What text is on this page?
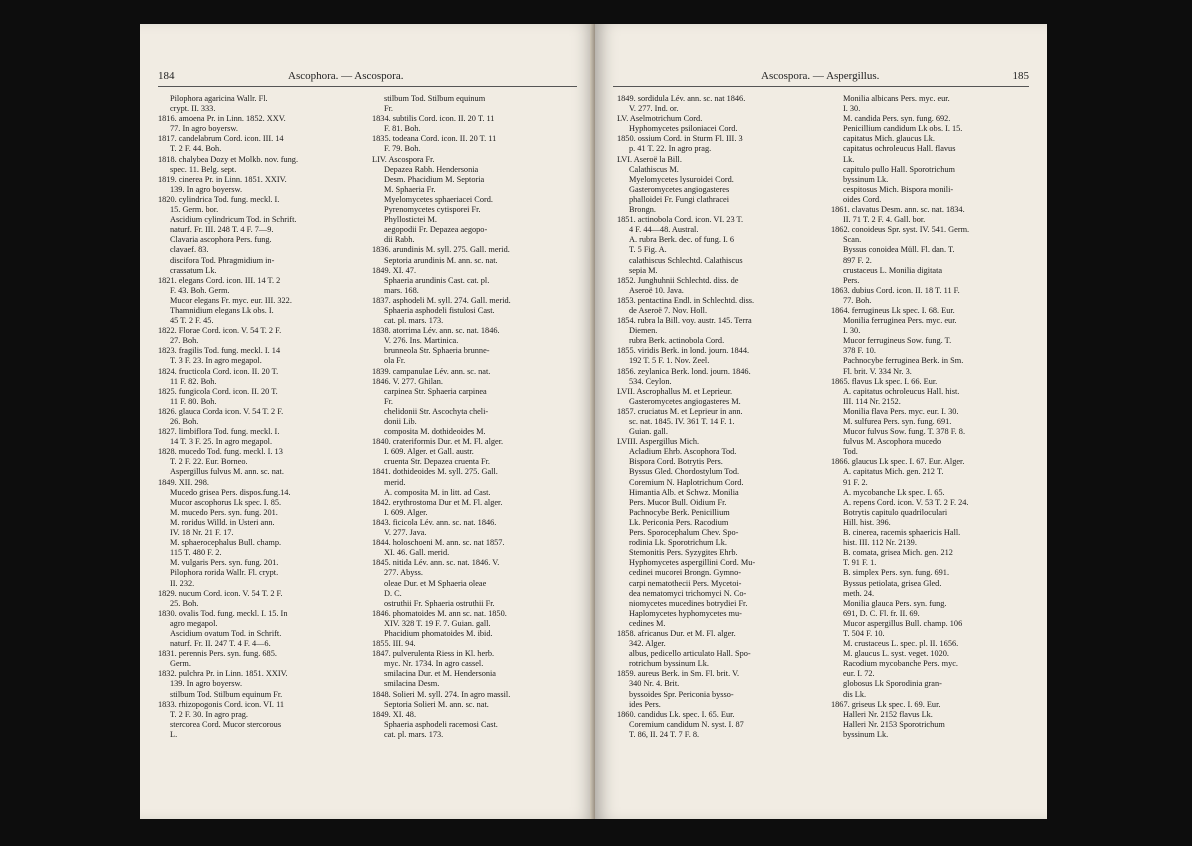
184	Ascophora. — Ascospora.
Pilophora agaricina Wallr. Fl.
crypt. II. 333.
1816. amoena Pr. in Linn. 1852. XXV.
77. In agro boyersw.
1817. candelabrum Cord. icon. III. 14
T. 2 F. 44. Boh.
1818. chalybea Dozy et Molkb. nov. fung.
spec. 11. Belg. sept.
1819. cinerea Pr. in Linn. 1851. XXIV.
139. In agro boyersw.
1820. cylindrica Tod. fung. meckl. I.
15. Germ. bor.
Ascidium cylindricum Tod. in Schrift.
naturf. Fr. III. 248 T. 4 F. 7—9.
Clavaria ascophora Pers. fung.
clavaef. 83.
discifora Tod. Phragmidium in-
crassatum Lk.
1821. elegans Cord. icon. III. 14 T. 2
F. 43. Boh. Germ.
Mucor elegans Fr. myc. eur. III. 322.
Thamnidium elegans Lk obs. I.
45 T. 2 F. 45.
1822. Florae Cord. icon. V. 54 T. 2 F.
27. Boh.
1823. fragilis Tod. fung. meckl. I. 14
T. 3 F. 23. In agro megapol.
1824. fructicola Cord. icon. II. 20 T.
11 F. 82. Boh.
1825. fungicola Cord. icon. II. 20 T.
11 F. 80. Boh.
1826. glauca Corda icon. V. 54 T. 2 F.
26. Boh.
1827. limbiflora Tod. fung. meckl. I.
14 T. 3 F. 25. In agro megapol.
1828. mucedo Tod. fung. meckl. I. 13
T. 2 F. 22. Eur. Borneo.
Aspergillus fulvus M. ann. sc. nat.
1849. XII. 298.
Mucedo grisea Pers. dispos.fung.14.
Mucor ascophorus Lk spec. I. 85.
M. mucedo Pers. syn. fung. 201.
M. roridus Willd. in Usteri ann.
IV. 18 Nr. 21 F. 17.
M. sphaerocephalus Bull. champ.
115 T. 480 F. 2.
M. vulgaris Pers. syn. fung. 201.
Pilophora rorida Wallr. Fl. crypt.
II. 232.
1829. nucum Cord. icon. V. 54 T. 2 F.
25. Boh.
1830. ovalis Tod. fung. meckl. I. 15. In
agro megapol.
Ascidium ovatum Tod. in Schrift.
naturf. Fr. II. 247 T. 4 F. 4—6.
1831. perennis Pers. syn. fung. 685.
Germ.
1832. pulchra Pr. in Linn. 1851. XXIV.
139. In agro boyersw.
stilbum Tod. Stilbum equinum Fr.
1833. rhizopogonis Cord. icon. VI. 11
T. 2 F. 30. In agro prag.
stercorea Cord. Mucor stercorous
L.
stilbum Tod. Stilbum equinum
Fr.
1834. subtilis Cord. icon. II. 20 T. 11
F. 81. Boh.
1835. todeana Cord. icon. II. 20 T. 11
F. 79. Boh.
LIV. Ascospora Fr.
Depazea Rabh. Hendersonia
Desm. Phacidium M. Septoria
M. Sphaeria Fr.
Myelomycetes sphaeriacei Cord.
Pyrenomycetes cytisporei Fr.
Phyllosticteі M.
aegopodii Fr. Depazea aegopo-
dii Rabh.
1836. arundinis M. syll. 275. Gall. merid.
Septoria arundinis M. ann. sc. nat.
1849. XI. 47.
Sphaeria arundinis Cast. cat. pl.
mars. 168.
1837. asphodeli M. syll. 274. Gall. merid.
Sphaeria asphodeli fistulosi Cast.
cat. pl. mars. 173.
1838. atorrima Lév. ann. sc. nat. 1846.
V. 276. Ins. Martinica.
brunneola Str. Sphaeria brunne-
ola Fr.
1839. campanulae Lév. ann. sc. nat.
1846. V. 277. Ghilan.
carpinea Str. Sphaeria carpinea
Fr.
chelidonii Str. Ascochyta cheli-
donii Lib.
composita M. dothideoides M.
1840. crateriformis Dur. et M. Fl. alger.
I. 609. Alger. et Gall. austr.
cruenta Str. Depazea cruenta Fr.
1841. dothideoides M. syll. 275. Gall.
merid.
A. composita M. in litt. ad Cast.
1842. erythrostoma Dur et M. Fl. alger.
I. 609. Alger.
1843. ficicola Lév. ann. sc. nat. 1846.
V. 277. Java.
1844. holoschoeni M. ann. sc. nat 1857.
XI. 46. Gall. merid.
1845. nitida Lév. ann. sc. nat. 1846. V.
277. Abyss.
oleae Dur. et M Sphaeria oleae
D. C.
ostruthii Fr. Sphaeria ostruthii Fr.
1846. phomatoides M. ann sc. nat. 1850.
XIV. 328 T. 19 F. 7. Guian. gall.
Phacidium phomatoides M. ibid.
1855. III. 94.
1847. pulverulenta Riess in Kl. herb.
myc. Nr. 1734. In agro cassel.
smilacina Dur. et M. Hendersonia
smilacina Desm.
1848. Solieri M. syll. 274. In agro massil.
Septoria Solieri M. ann. sc. nat.
1849. XI. 48.
Sphaeria asphodeli racemosi Cast.
cat. pl. mars. 173.
Ascospora. — Aspergillus.	185
1849. sordidula Lév. ann. sc. nat 1846.
V. 277. Ind. or.
LV. Aselmotrichum Cord.
Hyphomycetes psiloniacei Cord.
1850. ossium Cord. in Sturm Fl. III. 3
p. 41 T. 22. In agro prag.
LVI. Aseroë la Bill.
Calathiscus M.
Myelomycetes lysuroidei Cord.
Gasteromycetes angiogasteres
phalloidei Fr. Fungi clathracei
Brongn.
1851. actinobola Cord. icon. VI. 23 T.
4 F. 44—48. Austral.
A. rubra Berk. dec. of fung. I. 6
T. 5 Fig. A.
calathiscus Schlechtd. Calathiscus
sepia M.
1852. Junghuhnii Schlechtd. diss. de
Aseroë 10. Java.
1853. pentactina Endl. in Schlechtd. diss.
de Aseroë 7. Nov. Holl.
1854. rubra la Bill. voy. austr. 145. Terra
Diemen.
rubra Berk. actinobola Cord.
1855. viridis Berk. in lond. journ. 1844.
192 T. 5 F. 1. Nov. Zeel.
1856. zeylanica Berk. lond. journ. 1846.
534. Ceylon.
LVII. Ascrophallus M. et Leprieur.
Gasteromycetes angiogasteres M.
1857. cruciatus M. et Leprieur in ann.
sc. nat. 1845. IV. 361 T. 14 F. 1.
Guian. gall.
LVIII. Aspergillus Mich.
Acladium Ehrb. Ascophora Tod.
Bispora Cord. Botrytis Pers.
Byssus Gled. Chordostylum Tod.
Coremium N. Haplotrichum Cord.
Himantia Alb. et Schwz. Monilia
Pers. Mucor Bull. Oidium Fr.
Pachnocybe Berk. Penicillium
Lk. Periconia Pers. Racodium
Pers. Sporocephalum Chev. Spo-
rodinia Lk. Sporotrichum Lk.
Stemonitis Pers. Syzygites Ehrb.
Hyphomycetes aspergillini Cord. Mu-
cedinei mucorei Brongn. Gymno-
carpi nematothecii Pers. Mycetoi-
dea nematomyci trichomyci N. Co-
niomycetes mucedines botrydiei Fr.
Haplomycetes hyphomycetes mu-
cedines M.
1858. africanus Dur. et M. Fl. alger.
342. Alger.
albus, pedicello articulato Hall. Spo-
rotrichum byssinum Lk.
1859. aureus Berk. in Sm. Fl. brit. V.
340 Nr. 4. Brit.
byssoides Spr. Periconia bysso-
ides Pers.
1860. candidus Lk. spec. I. 65. Eur.
Coremium candidum N. syst. I. 87
T. 86, II. 24 T. 7 F. 8.
Monilia albicans Pers. myc. eur.
I. 30.
M. candida Pers. syn. fung. 692.
Penicillium candidum Lk obs. I. 15.
capitatus Mich. glaucus Lk.
capitatus ochroleucus Hall. flavus
Lk.
capitulo pullo Hall. Sporotrichum
byssinum Lk.
cespitosus Mich. Bispora monili-
oides Cord.
1861. clavatus Desm. ann. sc. nat. 1834.
II. 71 T. 2 F. 4. Gall. bor.
1862. conoideus Spr. syst. IV. 541. Germ.
Scan.
Byssus conoidea Müll. Fl. dan. T.
897 F. 2.
crustaceus L. Monilia digitata
Pers.
1863. dubius Cord. icon. II. 18 T. 11 F.
77. Boh.
1864. ferrugineus Lk spec. I. 68. Eur.
Monilia ferruginea Pers. myc. eur.
I. 30.
Mucor ferrugineus Sow. fung. T.
378 F. 10.
Pachnocybe ferruginea Berk. in Sm.
Fl. brit. V. 334 Nr. 3.
1865. flavus Lk spec. I. 66. Eur.
A. capitatus ochroleucus Hall. hist.
III. 114 Nr. 2152.
Monilia flava Pers. myc. eur. I. 30.
M. sulfurea Pers. syn. fung. 691.
Mucor fulvus Sow. fung. T. 378 F. 8.
fulvus M. Ascophora mucedo
Tod.
1866. glaucus Lk spec. I. 67. Eur. Alger.
A. capitatus Mich. gen. 212 T.
91 F. 2.
A. mycobanche Lk spec. I. 65.
A. repens Cord. icon. V. 53 T. 2 F. 24.
Botrytis capitulo quadriloculari
Hill. hist. 396.
B. cinerea, racemis sphaericis Hall.
hist. III. 112 Nr. 2139.
B. comata, grisea Mich. gen. 212
T. 91 F. 1.
B. simplex Pers. syn. fung. 691.
Byssus petiolata, grisea Gled.
meth. 24.
Monilia glauca Pers. syn. fung.
691, D. C. Fl. fr. II. 69.
Mucor aspergillus Bull. champ. 106
T. 504 F. 10.
M. crustaceus L. spec. pl. II. 1656.
M. glaucus L. syst. veget. 1020.
Racodium mycobanche Pers. myc.
eur. I. 72.
globosus Lk Sporodinia gran-
dis Lk.
1867. griseus Lk spec. I. 69. Eur.
Halleri Nr. 2152 flavus Lk.
Halleri Nr. 2153 Sporotrichum
byssinum Lk.
